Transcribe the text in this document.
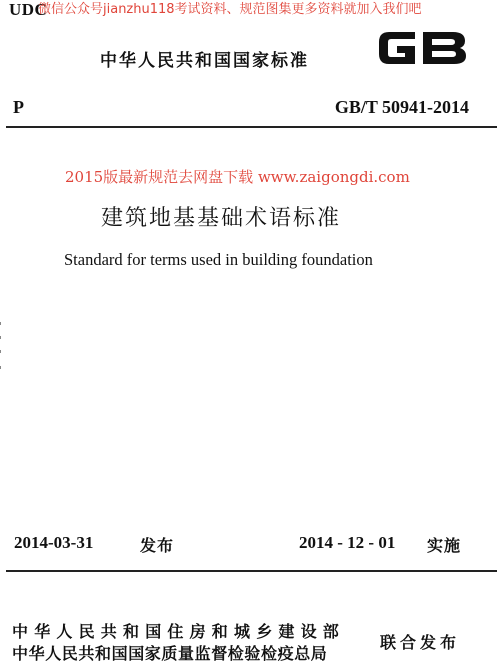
UDC
微信公众号jianzhu118考试资料、规范图集更多资料就加入我们吧
中华人民共和国国家标准
P	GB/T 50941-2014
2015版最新规范去网盘下载 www.zaigongdi.com
建筑地基基础术语标准
Standard for terms used in building foundation
2014-03-31	发布	2014 - 12 - 01 实施
中华人民共和国住房和城乡建设部
中华人民共和国国家质量监督检验检疫总局
联合发布
